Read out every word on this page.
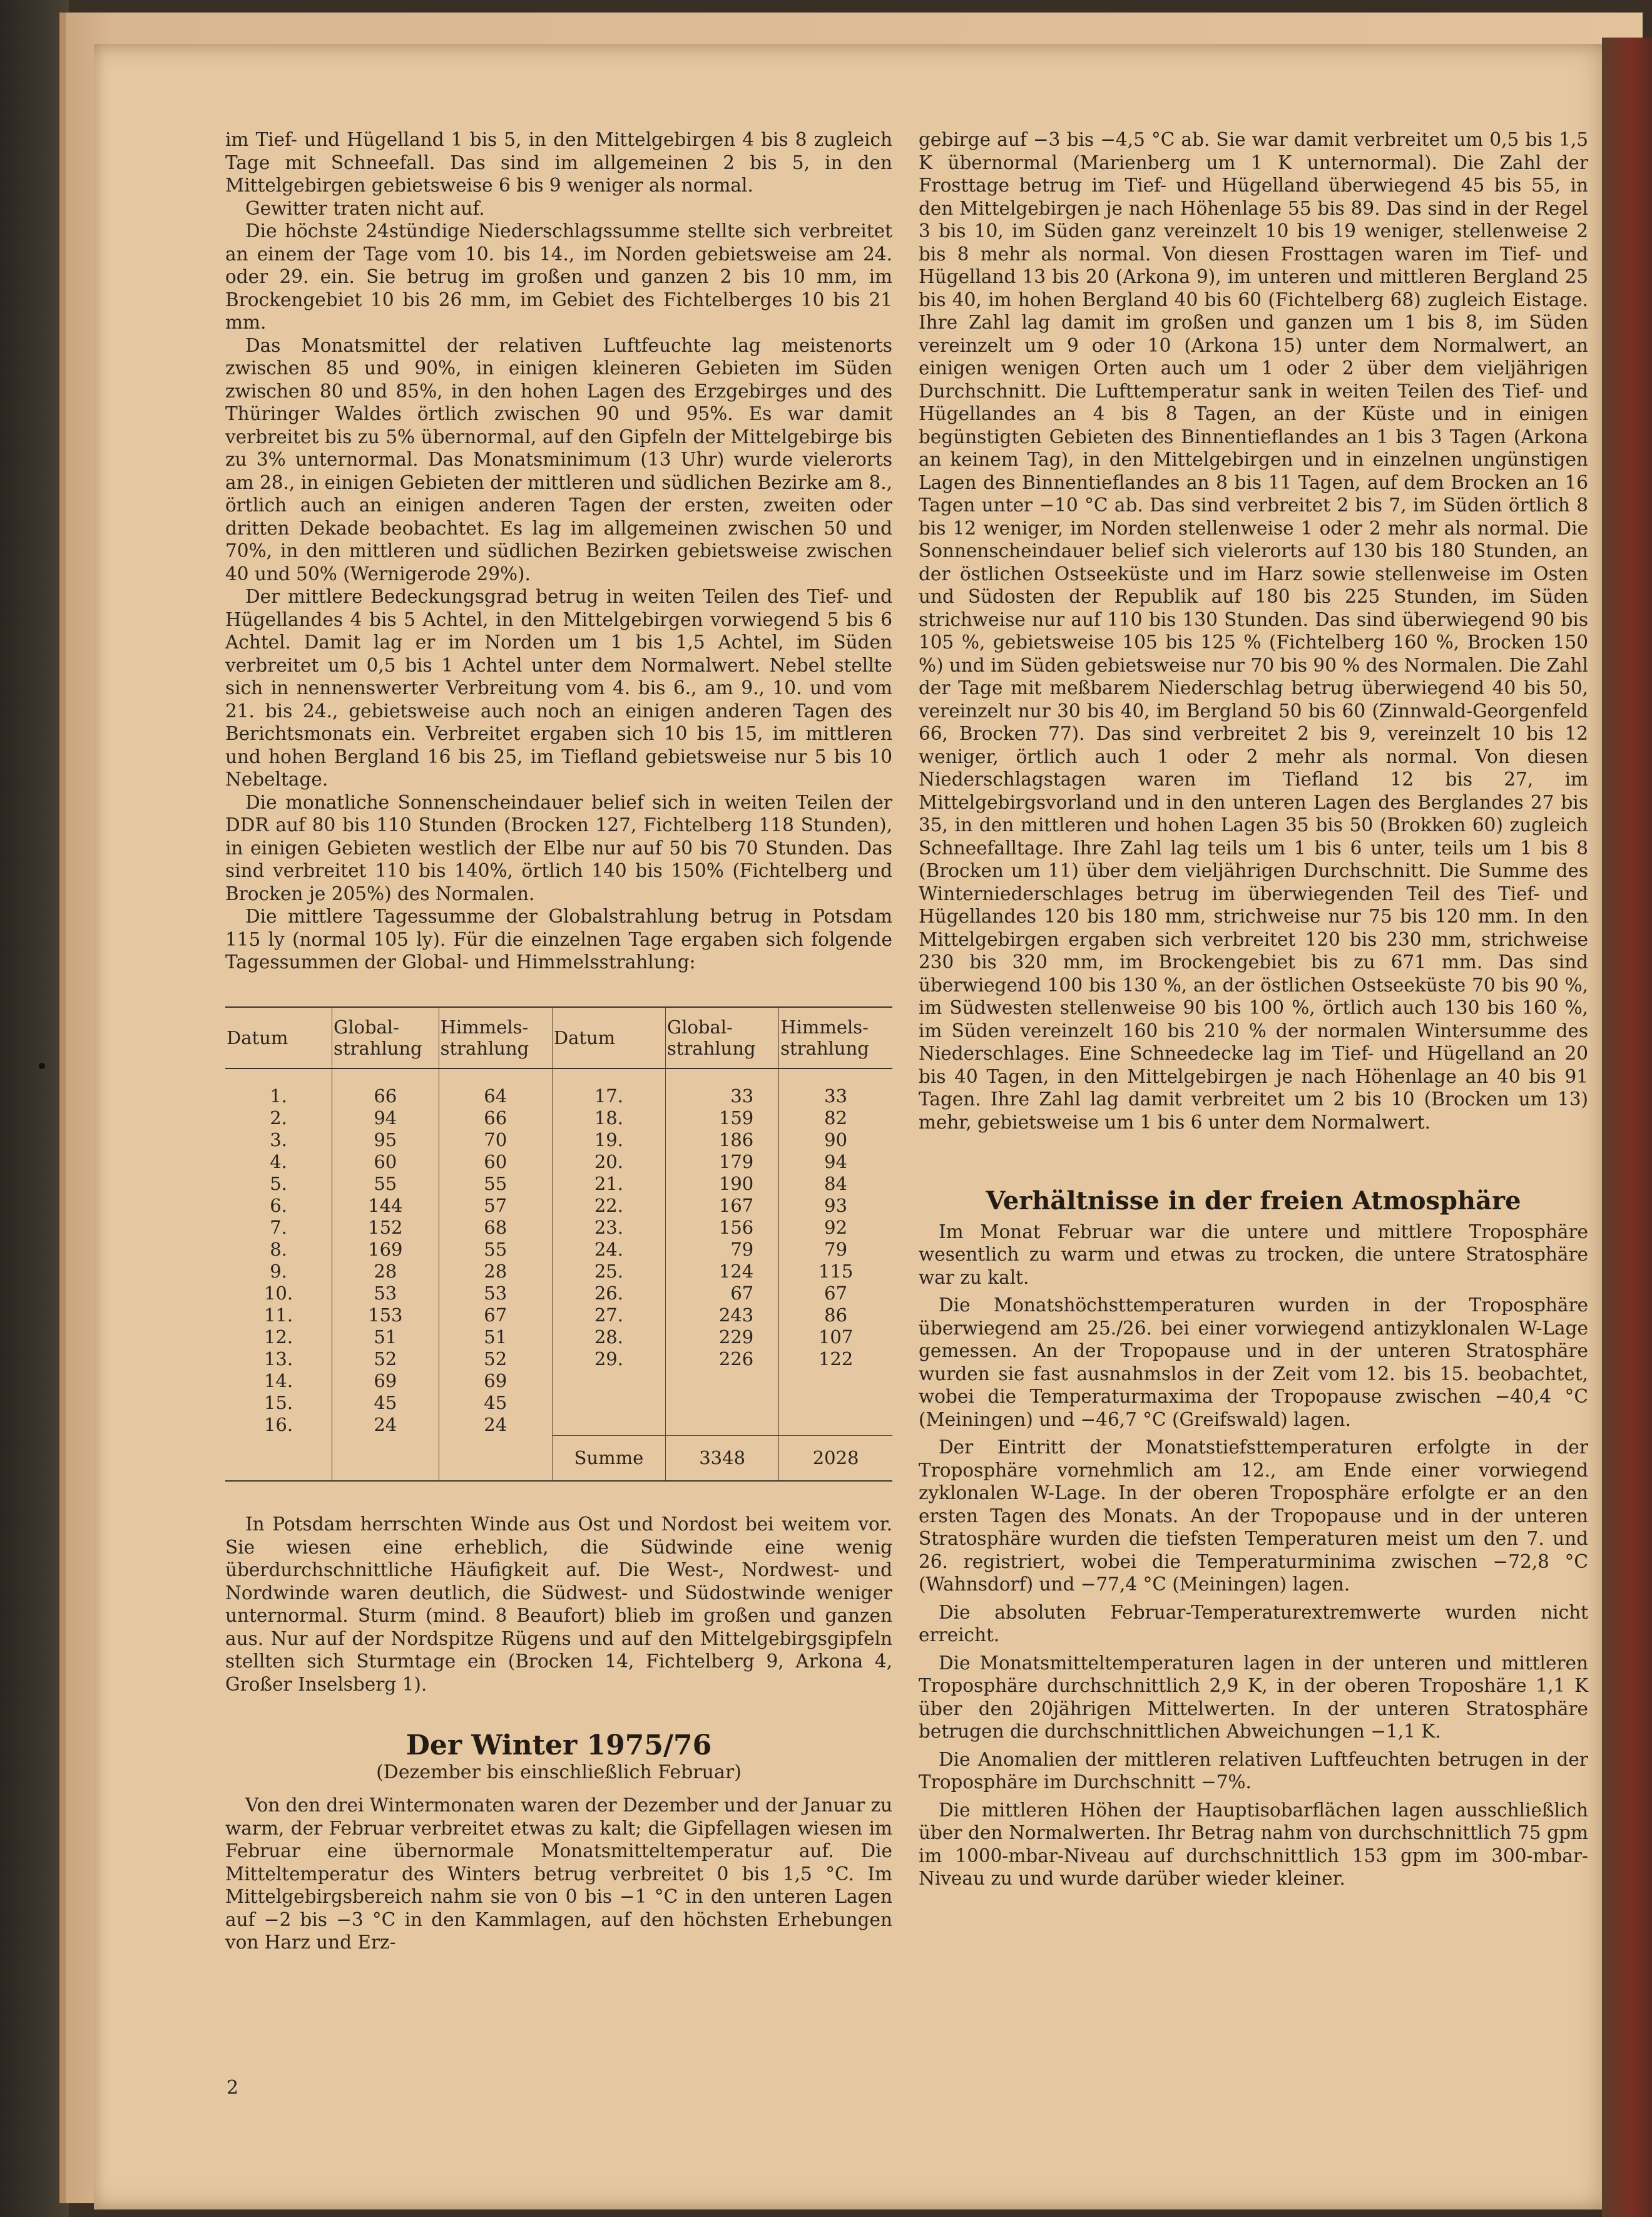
im Tief- und Hügelland 1 bis 5, in den Mittelgebirgen 4 bis 8 zugleich Tage mit Schneefall. Das sind im allgemeinen 2 bis 5, in den Mittelgebirgen gebietsweise 6 bis 9 weniger als normal.

Gewitter traten nicht auf.

Die höchste 24stündige Niederschlagssumme stellte sich verbreitet an einem der Tage vom 10. bis 14., im Norden gebietsweise am 24. oder 29. ein. Sie betrug im großen und ganzen 2 bis 10 mm, im Brockengebiet 10 bis 26 mm, im Gebiet des Fichtelberges 10 bis 21 mm.

Das Monatsmittel der relativen Luftfeuchte lag meistenorts zwischen 85 und 90%, in einigen kleineren Gebieten im Süden zwischen 80 und 85%, in den hohen Lagen des Erzgebirges und des Thüringer Waldes örtlich zwischen 90 und 95%. Es war damit verbreitet bis zu 5% übernormal, auf den Gipfeln der Mittelgebirge bis zu 3% unternormal. Das Monatsminimum (13 Uhr) wurde vielerorts am 28., in einigen Gebieten der mittleren und südlichen Bezirke am 8., örtlich auch an einigen anderen Tagen der ersten, zweiten oder dritten Dekade beobachtet. Es lag im allgemeinen zwischen 50 und 70%, in den mittleren und südlichen Bezirken gebietsweise zwischen 40 und 50% (Wernigerode 29%).

Der mittlere Bedeckungsgrad betrug in weiten Teilen des Tief- und Hügellandes 4 bis 5 Achtel, in den Mittelgebirgen vorwiegend 5 bis 6 Achtel. Damit lag er im Norden um 1 bis 1,5 Achtel, im Süden verbreitet um 0,5 bis 1 Achtel unter dem Normalwert. Nebel stellte sich in nennenswerter Verbreitung vom 4. bis 6., am 9., 10. und vom 21. bis 24., gebietsweise auch noch an einigen anderen Tagen des Berichtsmonats ein. Verbreitet ergaben sich 10 bis 15, im mittleren und hohen Bergland 16 bis 25, im Tiefland gebietsweise nur 5 bis 10 Nebeltage.

Die monatliche Sonnenscheindauer belief sich in weiten Teilen der DDR auf 80 bis 110 Stunden (Brocken 127, Fichtelberg 118 Stunden), in einigen Gebieten westlich der Elbe nur auf 50 bis 70 Stunden. Das sind verbreitet 110 bis 140%, örtlich 140 bis 150% (Fichtelberg und Brocken je 205%) des Normalen.

Die mittlere Tagessumme der Globalstrahlung betrug in Potsdam 115 ly (normal 105 ly). Für die einzelnen Tage ergaben sich folgende Tagessummen der Global- und Himmelsstrahlung:

Datum	Global-strahlung	Himmels-strahlung	Datum	Global-strahlung	Himmels-strahlung
1.	66	64	17.	33	33
2.	94	66	18.	159	82
3.	95	70	19.	186	90
4.	60	60	20.	179	94
5.	55	55	21.	190	84
6.	144	57	22.	167	93
7.	152	68	23.	156	92
8.	169	55	24.	79	79
9.	28	28	25.	124	115
10.	53	53	26.	67	67
11.	153	67	27.	243	86
12.	51	51	28.	229	107
13.	52	52	29.	226	122
14.	69	69			
15.	45	45			
16.	24	24			
			Summe	3348	2028

In Potsdam herrschten Winde aus Ost und Nordost bei weitem vor. Sie wiesen eine erheblich, die Südwinde eine wenig überdurchschnittliche Häufigkeit auf. Die West-, Nordwest- und Nordwinde waren deutlich, die Südwest- und Südostwinde weniger unternormal. Sturm (mind. 8 Beaufort) blieb im großen und ganzen aus. Nur auf der Nordspitze Rügens und auf den Mittelgebirgsgipfeln stellten sich Sturmtage ein (Brocken 14, Fichtelberg 9, Arkona 4, Großer Inselsberg 1).

Der Winter 1975/76
(Dezember bis einschließlich Februar)

Von den drei Wintermonaten waren der Dezember und der Januar zu warm, der Februar verbreitet etwas zu kalt; die Gipfellagen wiesen im Februar eine übernormale Monatsmitteltemperatur auf. Die Mitteltemperatur des Winters betrug verbreitet 0 bis 1,5 °C. Im Mittelgebirgsbereich nahm sie von 0 bis −1 °C in den unteren Lagen auf −2 bis −3 °C in den Kammlagen, auf den höchsten Erhebungen von Harz und Erz-

gebirge auf −3 bis −4,5 °C ab. Sie war damit verbreitet um 0,5 bis 1,5 K übernormal (Marienberg um 1 K unternormal). Die Zahl der Frosttage betrug im Tief- und Hügelland überwiegend 45 bis 55, in den Mittelgebirgen je nach Höhenlage 55 bis 89. Das sind in der Regel 3 bis 10, im Süden ganz vereinzelt 10 bis 19 weniger, stellenweise 2 bis 8 mehr als normal. Von diesen Frosttagen waren im Tief- und Hügelland 13 bis 20 (Arkona 9), im unteren und mittleren Bergland 25 bis 40, im hohen Bergland 40 bis 60 (Fichtelberg 68) zugleich Eistage. Ihre Zahl lag damit im großen und ganzen um 1 bis 8, im Süden vereinzelt um 9 oder 10 (Arkona 15) unter dem Normalwert, an einigen wenigen Orten auch um 1 oder 2 über dem vieljährigen Durchschnitt. Die Lufttemperatur sank in weiten Teilen des Tief- und Hügellandes an 4 bis 8 Tagen, an der Küste und in einigen begünstigten Gebieten des Binnentieflandes an 1 bis 3 Tagen (Arkona an keinem Tag), in den Mittelgebirgen und in einzelnen ungünstigen Lagen des Binnentieflandes an 8 bis 11 Tagen, auf dem Brocken an 16 Tagen unter −10 °C ab. Das sind verbreitet 2 bis 7, im Süden örtlich 8 bis 12 weniger, im Norden stellenweise 1 oder 2 mehr als normal. Die Sonnenscheindauer belief sich vielerorts auf 130 bis 180 Stunden, an der östlichen Ostseeküste und im Harz sowie stellenweise im Osten und Südosten der Republik auf 180 bis 225 Stunden, im Süden strichweise nur auf 110 bis 130 Stunden. Das sind überwiegend 90 bis 105 %, gebietsweise 105 bis 125 % (Fichtelberg 160 %, Brocken 150 %) und im Süden gebietsweise nur 70 bis 90 % des Normalen. Die Zahl der Tage mit meßbarem Niederschlag betrug überwiegend 40 bis 50, vereinzelt nur 30 bis 40, im Bergland 50 bis 60 (Zinnwald-Georgenfeld 66, Brocken 77). Das sind verbreitet 2 bis 9, vereinzelt 10 bis 12 weniger, örtlich auch 1 oder 2 mehr als normal. Von diesen Niederschlagstagen waren im Tiefland 12 bis 27, im Mittelgebirgsvorland und in den unteren Lagen des Berglandes 27 bis 35, in den mittleren und hohen Lagen 35 bis 50 (Brokken 60) zugleich Schneefalltage. Ihre Zahl lag teils um 1 bis 6 unter, teils um 1 bis 8 (Brocken um 11) über dem vieljährigen Durchschnitt. Die Summe des Winterniederschlages betrug im überwiegenden Teil des Tief- und Hügellandes 120 bis 180 mm, strichweise nur 75 bis 120 mm. In den Mittelgebirgen ergaben sich verbreitet 120 bis 230 mm, strichweise 230 bis 320 mm, im Brockengebiet bis zu 671 mm. Das sind überwiegend 100 bis 130 %, an der östlichen Ostseeküste 70 bis 90 %, im Südwesten stellenweise 90 bis 100 %, örtlich auch 130 bis 160 %, im Süden vereinzelt 160 bis 210 % der normalen Wintersumme des Niederschlages. Eine Schneedecke lag im Tief- und Hügelland an 20 bis 40 Tagen, in den Mittelgebirgen je nach Höhenlage an 40 bis 91 Tagen. Ihre Zahl lag damit verbreitet um 2 bis 10 (Brocken um 13) mehr, gebietsweise um 1 bis 6 unter dem Normalwert.

Verhältnisse in der freien Atmosphäre

Im Monat Februar war die untere und mittlere Troposphäre wesentlich zu warm und etwas zu trocken, die untere Stratosphäre war zu kalt.

Die Monatshöchsttemperaturen wurden in der Troposphäre überwiegend am 25./26. bei einer vorwiegend antizyklonalen W-Lage gemessen. An der Tropopause und in der unteren Stratosphäre wurden sie fast ausnahmslos in der Zeit vom 12. bis 15. beobachtet, wobei die Temperaturmaxima der Tropopause zwischen −40,4 °C (Meiningen) und −46,7 °C (Greifswald) lagen.

Der Eintritt der Monatstiefsttemperaturen erfolgte in der Troposphäre vornehmlich am 12., am Ende einer vorwiegend zyklonalen W-Lage. In der oberen Troposphäre erfolgte er an den ersten Tagen des Monats. An der Tropopause und in der unteren Stratosphäre wurden die tiefsten Temperaturen meist um den 7. und 26. registriert, wobei die Temperaturminima zwischen −72,8 °C (Wahnsdorf) und −77,4 °C (Meiningen) lagen.

Die absoluten Februar-Temperaturextremwerte wurden nicht erreicht.

Die Monatsmitteltemperaturen lagen in der unteren und mittleren Troposphäre durchschnittlich 2,9 K, in der oberen Troposhäre 1,1 K über den 20jährigen Mittelwerten. In der unteren Stratosphäre betrugen die durchschnittlichen Abweichungen −1,1 K.

Die Anomalien der mittleren relativen Luftfeuchten betrugen in der Troposphäre im Durchschnitt −7%.

Die mittleren Höhen der Hauptisobarflächen lagen ausschließlich über den Normalwerten. Ihr Betrag nahm von durchschnittlich 75 gpm im 1000-mbar-Niveau auf durchschnittlich 153 gpm im 300-mbar-Niveau zu und wurde darüber wieder kleiner.

2
